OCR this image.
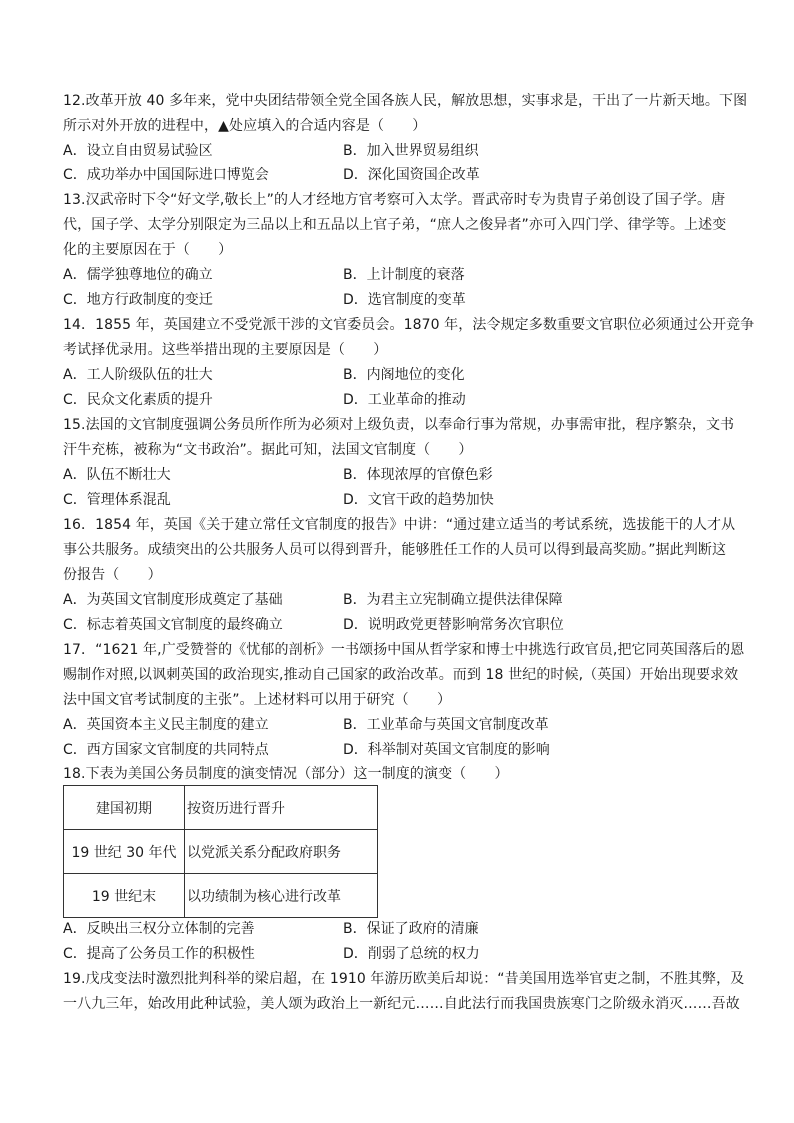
12.改革开放 40 多年来，党中央团结带领全党全国各族人民，解放思想，实事求是，干出了一片新天地。下图
所示对外开放的进程中，▲处应填入的合适内容是（　　）
A．设立自由贸易试验区	B．加入世界贸易组织
C．成功举办中国国际进口博览会	D．深化国资国企改革
13.汉武帝时下令“好文学,敬长上”的人才经地方官考察可入太学。晋武帝时专为贵胄子弟创设了国子学。唐
代，国子学、太学分别限定为三品以上和五品以上官子弟，“庶人之俊异者”亦可入四门学、律学等。上述变
化的主要原因在于（　　）
A．儒学独尊地位的确立	B．上计制度的衰落
C．地方行政制度的变迁	D．选官制度的变革
14．1855 年，英国建立不受党派干涉的文官委员会。1870 年，法令规定多数重要文官职位必须通过公开竞争
考试择优录用。这些举措出现的主要原因是（　　）
A．工人阶级队伍的壮大	B．内阁地位的变化
C．民众文化素质的提升	D．工业革命的推动
15.法国的文官制度强调公务员所作所为必须对上级负责，以奉命行事为常规，办事需审批，程序繁杂，文书
汗牛充栋，被称为“文书政治”。据此可知，法国文官制度（　　）
A．队伍不断壮大	B．体现浓厚的官僚色彩
C．管理体系混乱	D．文官干政的趋势加快
16．1854 年，英国《关于建立常任文官制度的报告》中讲：“通过建立适当的考试系统，选拔能干的人才从
事公共服务。成绩突出的公共服务人员可以得到晋升，能够胜任工作的人员可以得到最高奖励。”据此判断这
份报告（　　）
A．为英国文官制度形成奠定了基础	B．为君主立宪制确立提供法律保障
C．标志着英国文官制度的最终确立	D．说明政党更替影响常务次官职位
17．“1621 年,广受赞誉的《忧郁的剖析》一书颂扬中国从哲学家和博士中挑选行政官员,把它同英国落后的恩
赐制作对照,以讽刺英国的政治现实,推动自己国家的政治改革。而到 18 世纪的时候,（英国）开始出现要求效
法中国文官考试制度的主张”。上述材料可以用于研究（　　）
A．英国资本主义民主制度的建立	B．工业革命与英国文官制度改革
C．西方国家文官制度的共同特点	D．科举制对英国文官制度的影响
18.下表为美国公务员制度的演变情况（部分）这一制度的演变（　　）
建国初期	按资历进行晋升
19 世纪 30 年代	以党派关系分配政府职务
19 世纪末	以功绩制为核心进行改革
A．反映出三权分立体制的完善	B．保证了政府的清廉
C．提高了公务员工作的积极性	D．削弱了总统的权力
19.戊戌变法时激烈批判科举的梁启超，在 1910 年游历欧美后却说：“昔美国用选举官吏之制，不胜其弊，及
一八九三年，始改用此种试验，美人颂为政治上一新纪元……自此法行而我国贵族寒门之阶级永消灭……吾故
